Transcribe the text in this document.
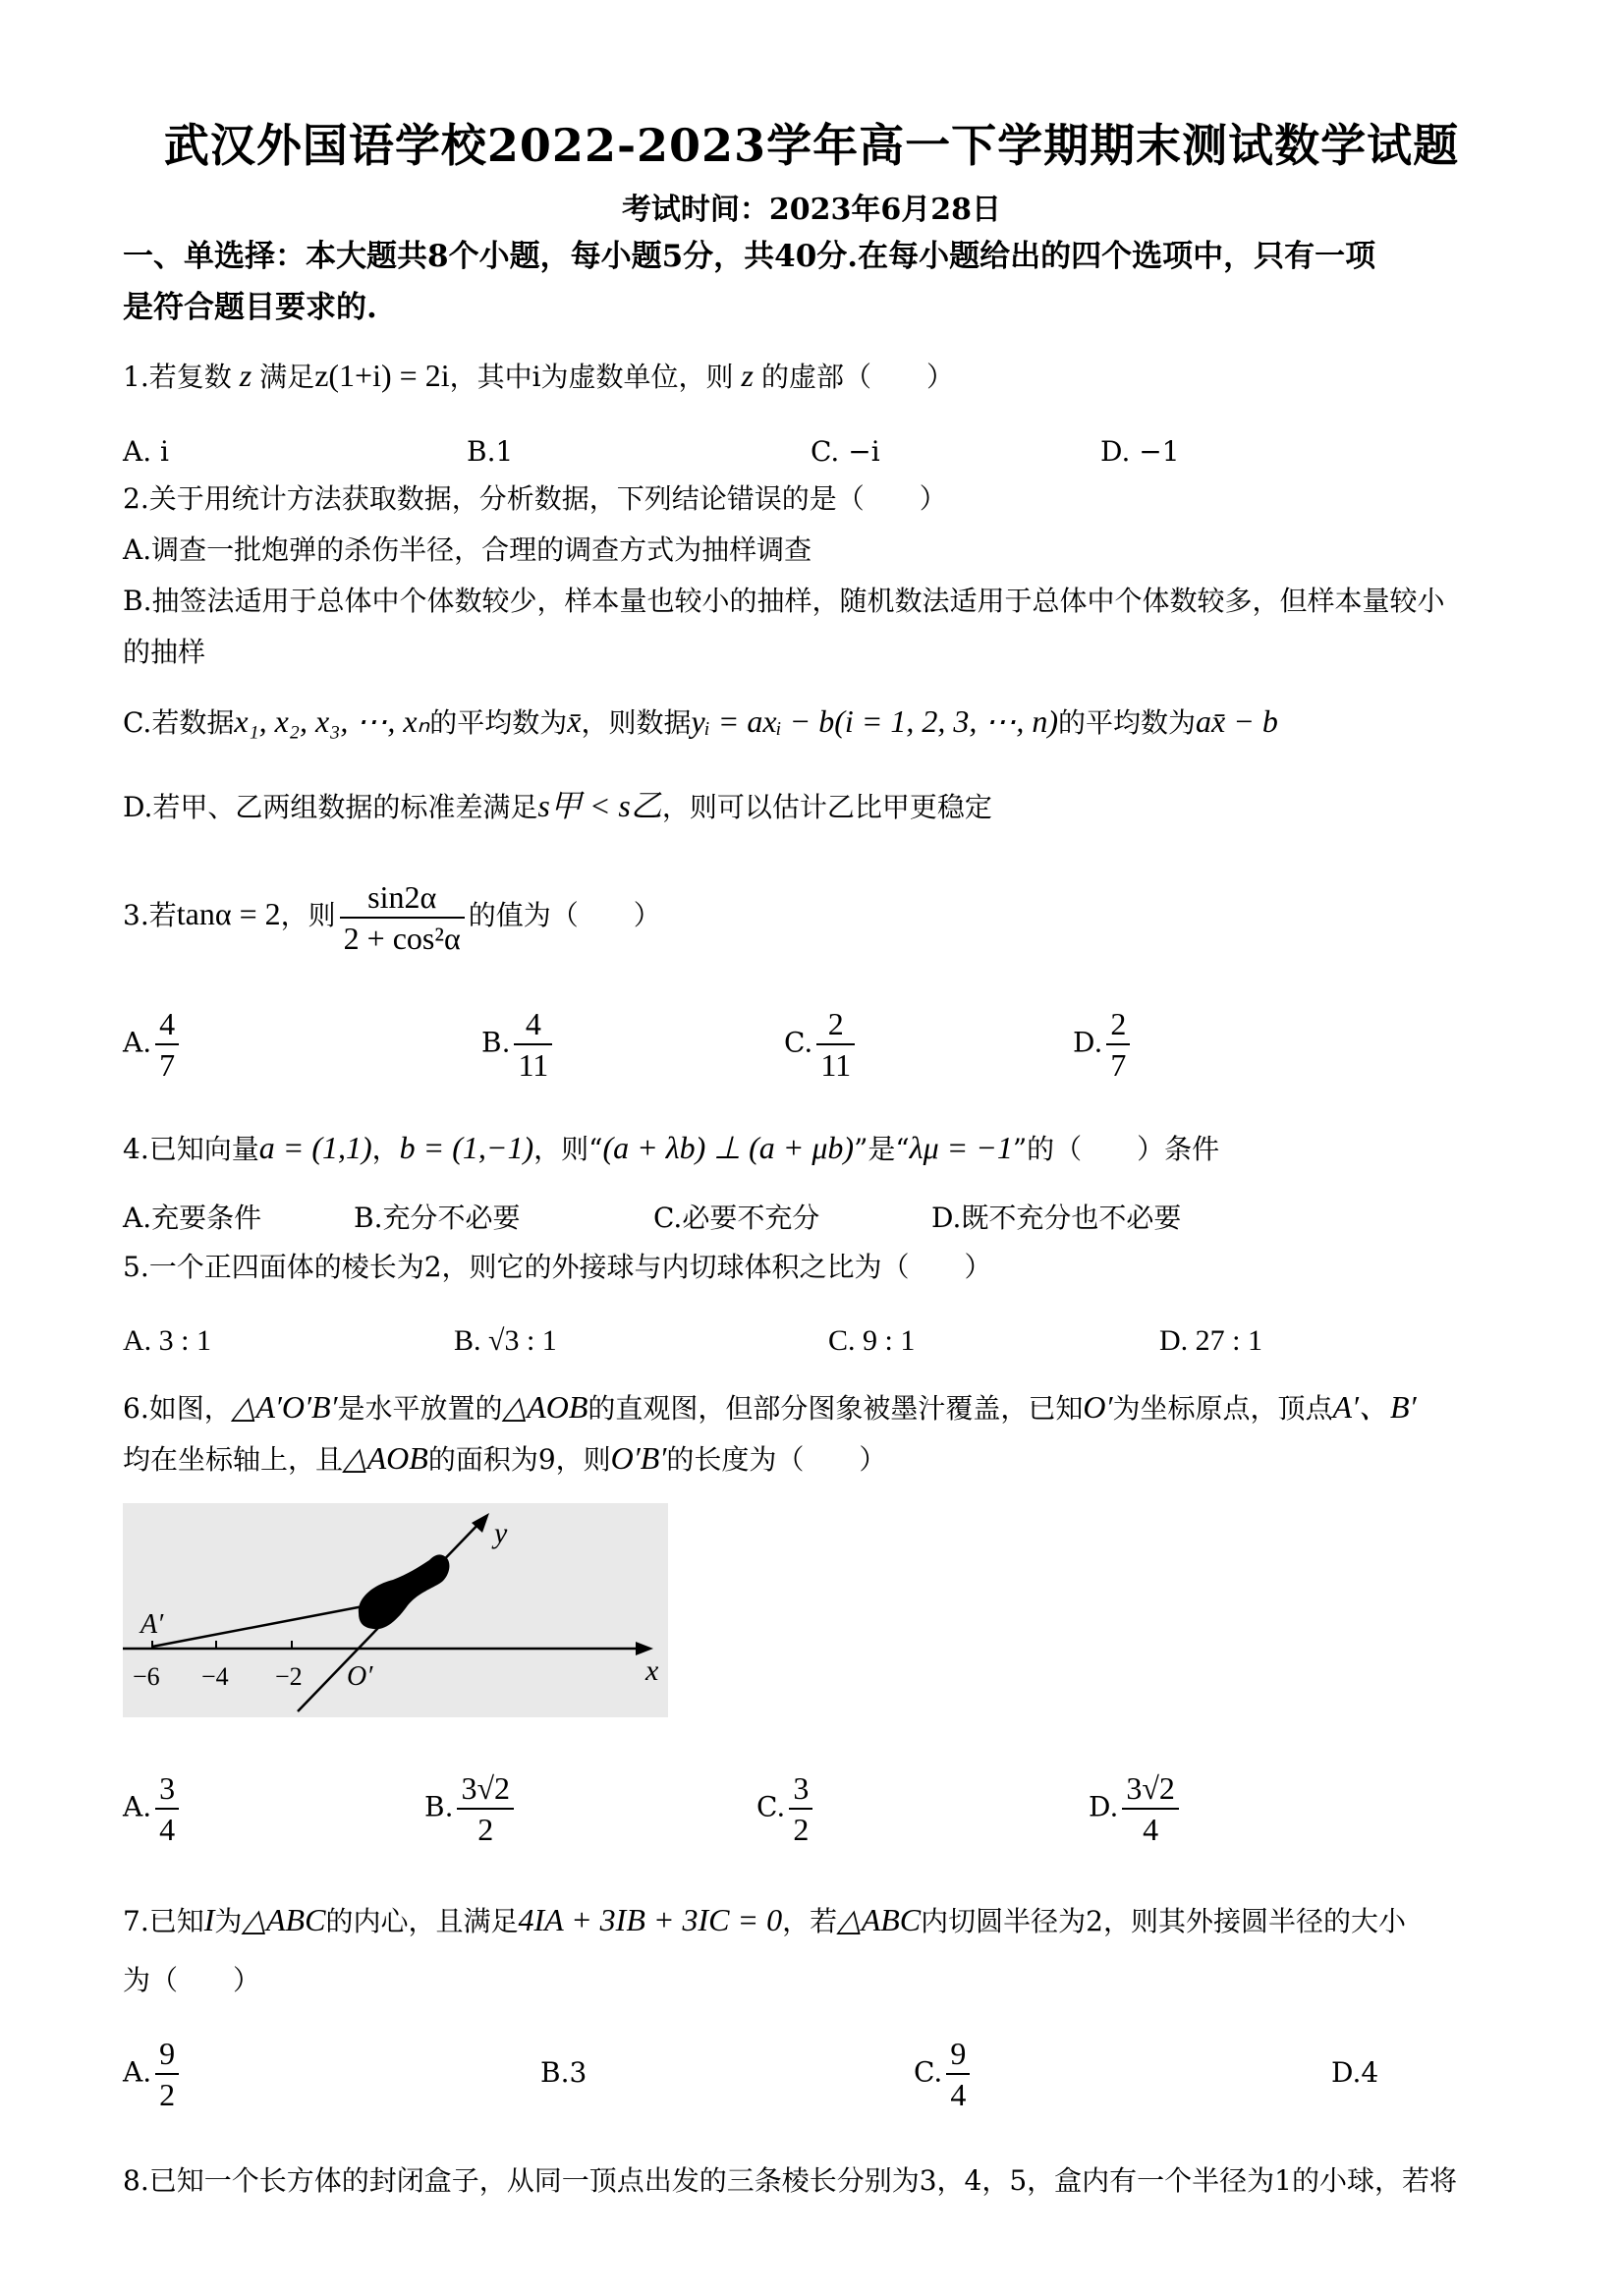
武汉外国语学校2022-2023学年高一下学期期末测试数学试题
考试时间：2023年6月28日
一、单选择：本大题共8个小题，每小题5分，共40分.在每小题给出的四个选项中，只有一项
是符合题目要求的.
1.若复数 z 满足z(1+i) = 2i，其中i为虚数单位，则 z 的虚部（　　）
A. i	B.1	C. −i	D. −1
2.关于用统计方法获取数据，分析数据，下列结论错误的是（　　）
A.调查一批炮弹的杀伤半径，合理的调查方式为抽样调查
B.抽签法适用于总体中个体数较少，样本量也较小的抽样，随机数法适用于总体中个体数较多，但样本量较小
的抽样
C.若数据x₁, x₂, x₃, ⋯, xₙ的平均数为x̄，则数据yᵢ = axᵢ − b(i = 1, 2, 3, ⋯, n)的平均数为ax̄ − b
D.若甲、乙两组数据的标准差满足s甲 < s乙，则可以估计乙比甲更稳定
3.若tanα = 2，则 $\frac{\sin 2\alpha}{\text{2 + cos²α}}$ 的值为（　　）
A. $\frac{4}{7}$	B. $\frac{4}{11}$	C. $\frac{2}{11}$	D. $\frac{2}{7}$
4.已知向量a = (1,1)，b = (1,−1)，则“(a + λb) ⊥ (a + μb)”是“λμ = −1”的（　　）条件
A.充要条件	B.充分不必要	C.必要不充分	D.既不充分也不必要
5.一个正四面体的棱长为2，则它的外接球与内切球体积之比为（　　）
A. 3 : 1	B. √3 : 1	C. 9 : 1	D. 27 : 1
6.如图，△A′O′B′是水平放置的△AOB的直观图，但部分图象被墨汁覆盖，已知O′为坐标原点，顶点A′、B′
均在坐标轴上，且△AOB的面积为9，则O′B′的长度为（　　）
−6 −4 −2
A′
O′
y
x
A. $\frac{3}{4}$	B. $\frac{3√2}{2}$	C. $\frac{3}{2}$	D. $\frac{3√2}{4}$
7.已知I为△ABC的内心，且满足4IA + 3IB + 3IC = 0，若△ABC内切圆半径为2，则其外接圆半径的大小
为（　　）
A. $\frac{9}{2}$	B.3	C. $\frac{9}{4}$	D.4
8.已知一个长方体的封闭盒子，从同一顶点出发的三条棱长分别为3，4，5，盒内有一个半径为1的小球，若将
